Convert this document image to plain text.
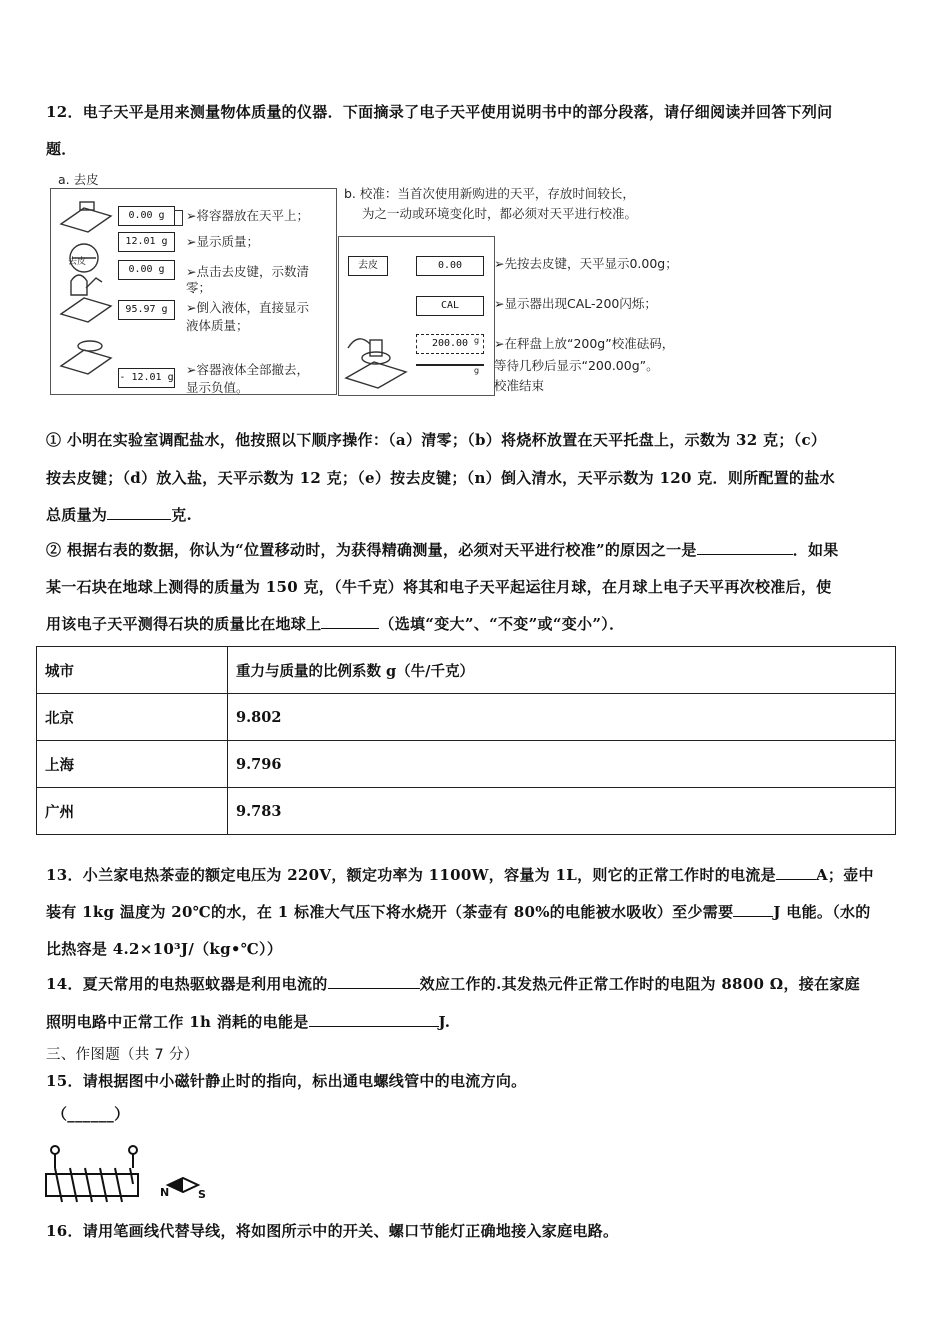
12．电子天平是用来测量物体质量的仪器．下面摘录了电子天平使用说明书中的部分段落，请仔细阅读并回答下列问
题．
a. 去皮
0.00 g
12.01 g
0.00 g
95.97 g
- 12.01 g
去皮
➢将容器放在天平上；
➢显示质量；
➢点击去皮键，示数清
零；
➢倒入液体，直接显示
液体质量；
➢容器液体全部撤去，
显示负值。
b. 校准：当首次使用新购进的天平，存放时间较长，
为之一动或环境变化时，都必须对天平进行校准。
去皮	0.00
CAL
200.00 g
g
➢先按去皮键，天平显示0.00g；
➢显示器出现CAL-200闪烁；
➢在秤盘上放“200g”校准砝码，
等待几秒后显示“200.00g”。
校准结束
① 小明在实验室调配盐水，他按照以下顺序操作：（a）清零；（b）将烧杯放置在天平托盘上，示数为 32 克；（c）
按去皮键；（d）放入盐，天平示数为 12 克；（e）按去皮键；（n）倒入清水，天平示数为 120 克．则所配置的盐水
总质量为	克.
② 根据右表的数据，你认为“位置移动时，为获得精确测量，必须对天平进行校准”的原因之一是	．如果
某一石块在地球上测得的质量为 150 克，（牛千克）将其和电子天平起运往月球，在月球上电子天平再次校准后，使
用该电子天平测得石块的质量比在地球上	（选填“变大”、“不变”或“变小”）．
城市	重力与质量的比例系数 g（牛/千克）
北京	9.802
上海	9.796
广州	9.783
13．小兰家电热茶壶的额定电压为 220V，额定功率为 1100W，容量为 1L，则它的正常工作时的电流是	A；壶中
装有 1kg 温度为 20℃的水，在 1 标准大气压下将水烧开（茶壶有 80%的电能被水吸收）至少需要	J 电能。（水的
比热容是 4.2×10³J/（kg•℃））
14．夏天常用的电热驱蚊器是利用电流的	效应工作的.其发热元件正常工作时的电阻为 8800 Ω，接在家庭
照明电路中正常工作 1h 消耗的电能是	J.
三、作图题（共 7 分）
15．请根据图中小磁针静止时的指向，标出通电螺线管中的电流方向。
（______）
N	S
16．请用笔画线代替导线，将如图所示中的开关、螺口节能灯正确地接入家庭电路。
